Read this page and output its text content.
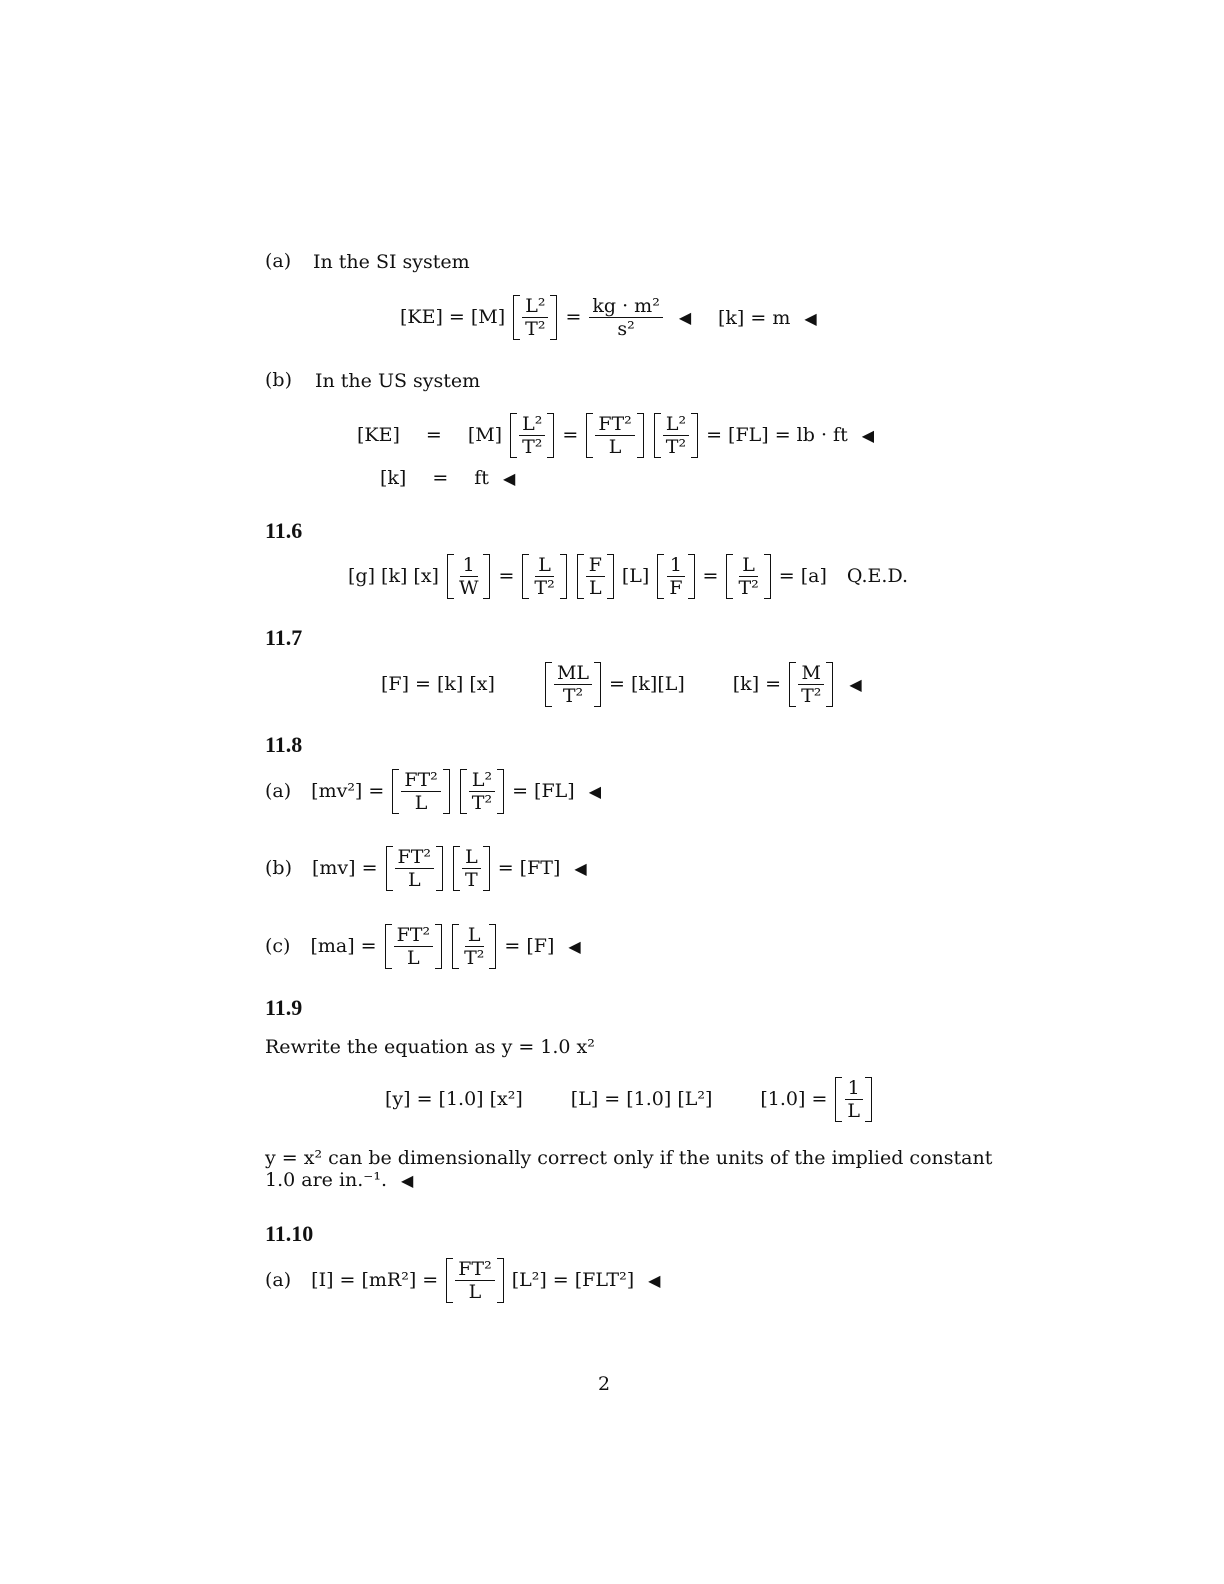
(a) In the SI system
$[KE] = [M] \frac{\text{L²}}{\text{T²}} = \frac{\text{kg · m²}}{\text{s²}}$ ◀ [k] = m ◀
(b) In the US system
$[KE] = [M] \frac{\text{L²}}{\text{T²}} = \frac{\text{FT²}}{L} \frac{\text{L²}}{\text{T²}} = [FL]$ = lb · ft ◀
[k] = ft ◀
11.6
[g] [k] $[x] \frac{1}{W} = \frac{L}{\text{T²}} \frac{F}{L} [L] \frac{1}{F} = \frac{L}{\text{T²}} = [a]$ Q.E.D.
11.7
[F] = [k] [x]	$\frac{ML}{\text{T²}} = [k][L]$	$[k] = \frac{M}{\text{T²}}$ ◀
11.8
(a) $[mv^2] = \frac{\text{FT²}}{L} \frac{\text{L²}}{\text{T²}} = [FL]$ ◀
(b) $[mv] = \frac{\text{FT²}}{L} \frac{L}{T} = [FT]$ ◀
(c) $[ma] = \frac{\text{FT²}}{L} \frac{L}{\text{T²}} = [F]$ ◀
11.9
Rewrite the equation as y = 1.0 x²
[y] = [1.0] [x²]	[L] = [1.0] [L²]	$[1.0] = \frac{1}{L}$
y = x² can be dimensionally correct only if the units of the implied constant
1.0 are in.⁻¹. ◀
11.10
(a) $[I] = [mR^2] = \frac{\text{FT²}}{L} [L^2] = [FLT^2]$ ◀
2
